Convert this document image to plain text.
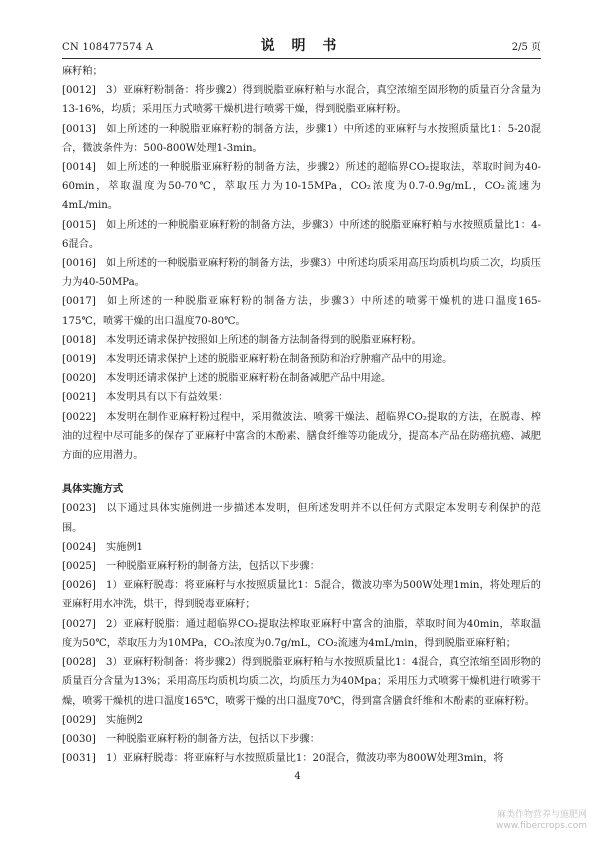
CN 108477574 A	说 明 书	2/5 页
麻籽粕；
[0012] 3）亚麻籽粉制备：将步骤2）得到脱脂亚麻籽粕与水混合，真空浓缩至固形物的质量百分含量为13-16%，均质；采用压力式喷雾干燥机进行喷雾干燥，得到脱脂亚麻籽粉。
[0013] 如上所述的一种脱脂亚麻籽粉的制备方法，步骤1）中所述的亚麻籽与水按照质量比1：5-20混合，微波条件为：500-800W处理1-3min。
[0014] 如上所述的一种脱脂亚麻籽粉的制备方法，步骤2）所述的超临界CO₂提取法，萃取时间为40-60min，萃取温度为50-70℃，萃取压力为10-15MPa，CO₂浓度为0.7-0.9g/mL，CO₂流速为4mL/min。
[0015] 如上所述的一种脱脂亚麻籽粉的制备方法，步骤3）中所述的脱脂亚麻籽粕与水按照质量比1：4-6混合。
[0016] 如上所述的一种脱脂亚麻籽粉的制备方法，步骤3）中所述均质采用高压均质机均质二次，均质压力为40-50MPa。
[0017] 如上所述的一种脱脂亚麻籽粉的制备方法，步骤3）中所述的喷雾干燥机的进口温度165-175℃，喷雾干燥的出口温度70-80℃。
[0018] 本发明还请求保护按照如上所述的制备方法制备得到的脱脂亚麻籽粉。
[0019] 本发明还请求保护上述的脱脂亚麻籽粉在制备预防和治疗肿瘤产品中的用途。
[0020] 本发明还请求保护上述的脱脂亚麻籽粉在制备减肥产品中用途。
[0021] 本发明具有以下有益效果：
[0022] 本发明在制作亚麻籽粉过程中，采用微波法、喷雾干燥法、超临界CO₂提取的方法，在脱毒、榨油的过程中尽可能多的保存了亚麻籽中富含的木酚素、膳食纤维等功能成分，提高本产品在防癌抗癌、减肥方面的应用潜力。
具体实施方式
[0023] 以下通过具体实施例进一步描述本发明，但所述发明并不以任何方式限定本发明专利保护的范围。
[0024] 实施例1
[0025] 一种脱脂亚麻籽粉的制备方法，包括以下步骤：
[0026] 1）亚麻籽脱毒：将亚麻籽与水按照质量比1：5混合，微波功率为500W处理1min，将处理后的亚麻籽用水冲洗，烘干，得到脱毒亚麻籽；
[0027] 2）亚麻籽脱脂：通过超临界CO₂提取法榨取亚麻籽中富含的油脂，萃取时间为40min，萃取温度为50℃，萃取压力为10MPa，CO₂浓度为0.7g/mL，CO₂流速为4mL/min，得到脱脂亚麻籽粕；
[0028] 3）亚麻籽粉制备：将步骤2）得到脱脂亚麻籽粕与水按照质量比1：4混合，真空浓缩至固形物的质量百分含量为13%；采用高压均质机均质二次，均质压力为40Mpa；采用压力式喷雾干燥机进行喷雾干燥，喷雾干燥机的进口温度165℃，喷雾干燥的出口温度70℃，得到富含膳食纤维和木酚素的亚麻籽粉。
[0029] 实施例2
[0030] 一种脱脂亚麻籽粉的制备方法，包括以下步骤：
[0031] 1）亚麻籽脱毒：将亚麻籽与水按照质量比1：20混合，微波功率为800W处理3min，将
4
麻类作物营养与施肥网
www.fibercrops.com
